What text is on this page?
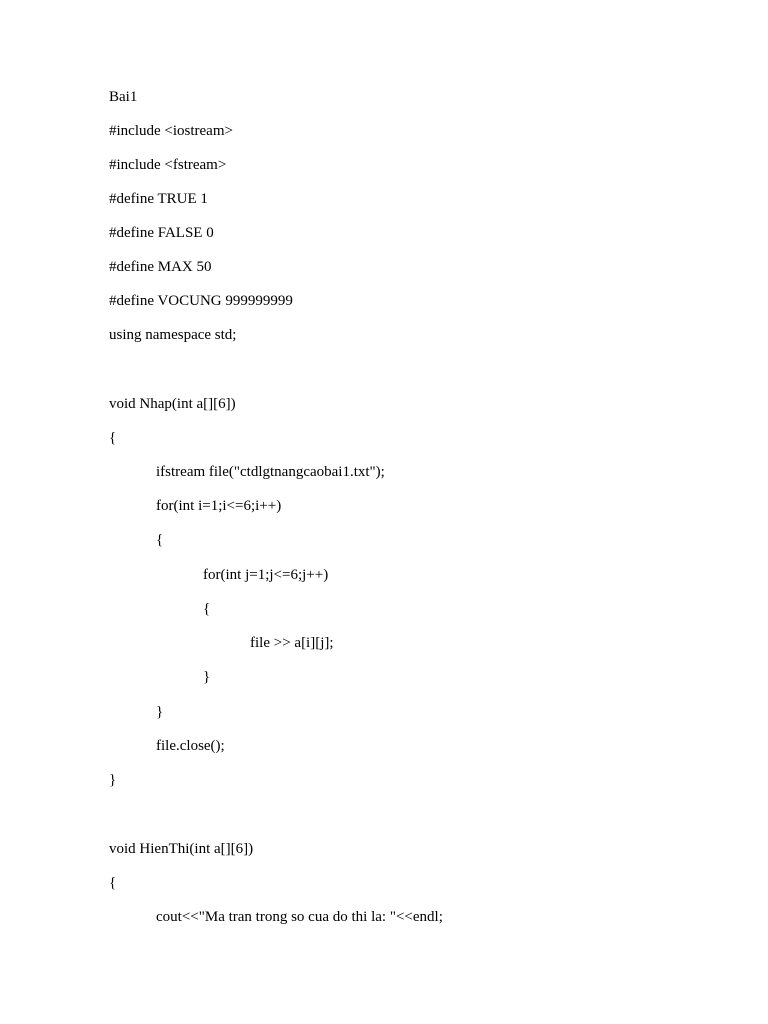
Bai1
#include <iostream>
#include <fstream>
#define TRUE 1
#define FALSE 0
#define MAX 50
#define VOCUNG 999999999
using namespace std;
void Nhap(int a[][6])
{
ifstream file("ctdlgtnangcaobai1.txt");
for(int i=1;i<=6;i++)
{
for(int j=1;j<=6;j++)
{
file >> a[i][j];
}
}
file.close();
}
void HienThi(int a[][6])
{
cout<<"Ma tran trong so cua do thi la: "<<endl;
